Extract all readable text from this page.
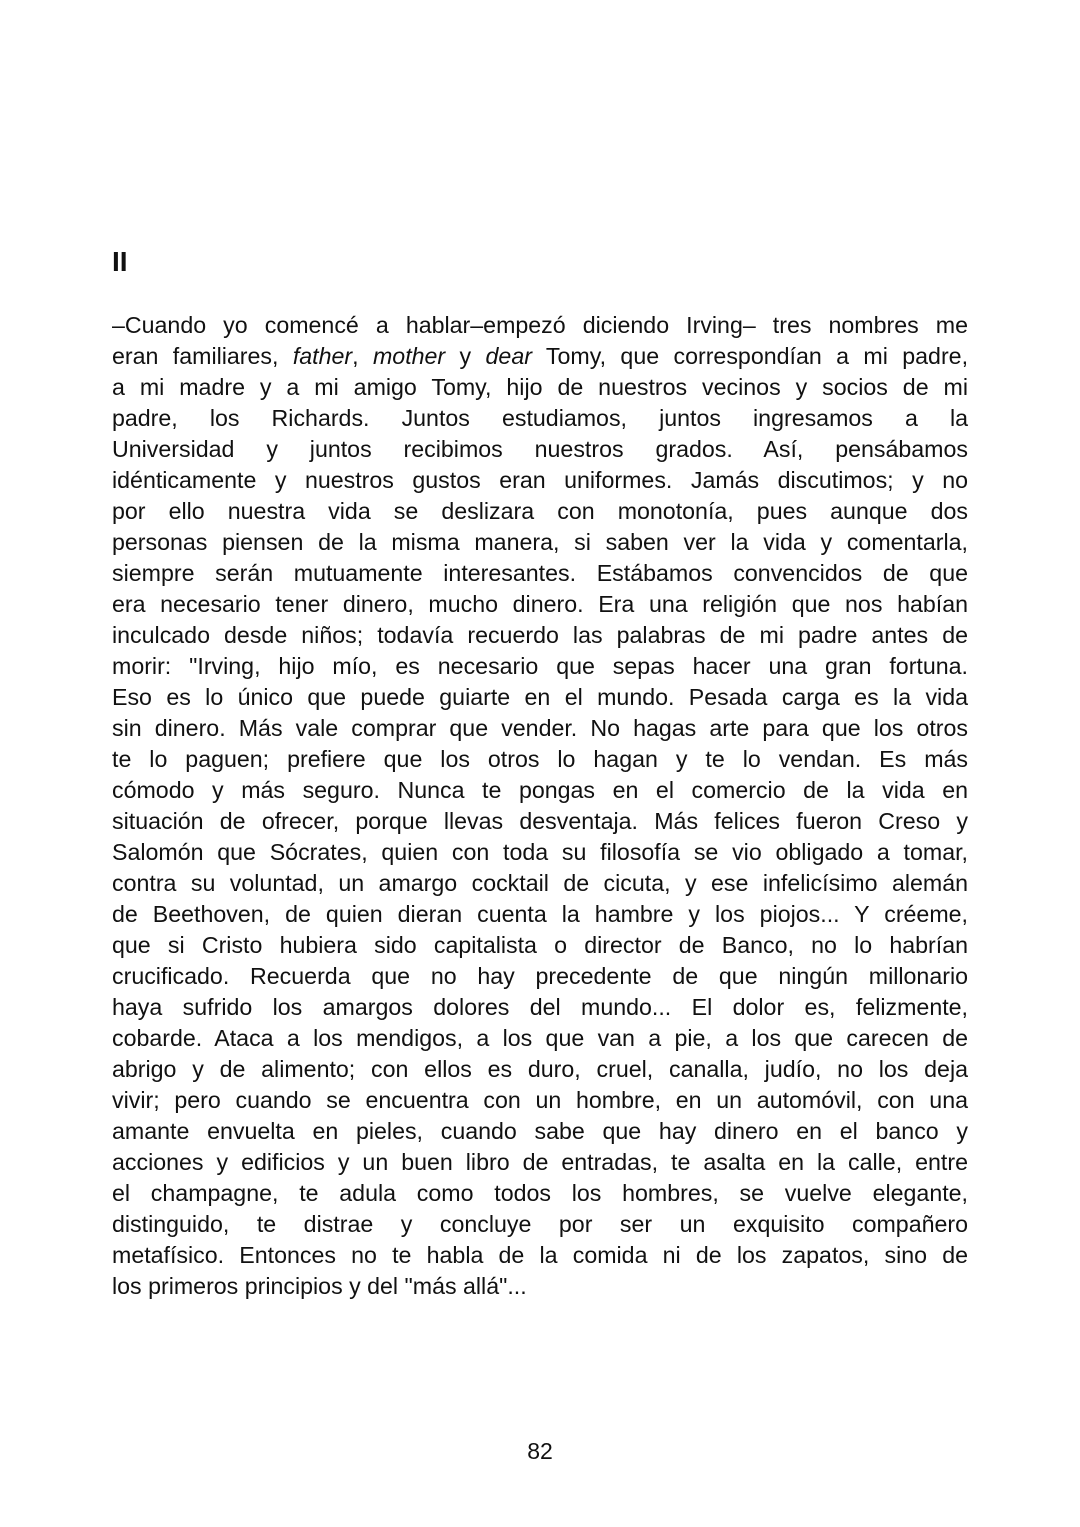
II
–Cuando yo comencé a hablar–empezó diciendo Irving– tres nombres me
eran familiares, father, mother y dear Tomy, que correspondían a mi padre,
a mi madre y a mi amigo Tomy, hijo de nuestros vecinos y socios de mi
padre, los Richards. Juntos estudiamos, juntos ingresamos a la
Universidad y juntos recibimos nuestros grados. Así, pensábamos
idénticamente y nuestros gustos eran uniformes. Jamás discutimos; y no
por ello nuestra vida se deslizara con monotonía, pues aunque dos
personas piensen de la misma manera, si saben ver la vida y comentarla,
siempre serán mutuamente interesantes. Estábamos convencidos de que
era necesario tener dinero, mucho dinero. Era una religión que nos habían
inculcado desde niños; todavía recuerdo las palabras de mi padre antes de
morir: "Irving, hijo mío, es necesario que sepas hacer una gran fortuna.
Eso es lo único que puede guiarte en el mundo. Pesada carga es la vida
sin dinero. Más vale comprar que vender. No hagas arte para que los otros
te lo paguen; prefiere que los otros lo hagan y te lo vendan. Es más
cómodo y más seguro. Nunca te pongas en el comercio de la vida en
situación de ofrecer, porque llevas desventaja. Más felices fueron Creso y
Salomón que Sócrates, quien con toda su filosofía se vio obligado a tomar,
contra su voluntad, un amargo cocktail de cicuta, y ese infelicísimo alemán
de Beethoven, de quien dieran cuenta la hambre y los piojos... Y créeme,
que si Cristo hubiera sido capitalista o director de Banco, no lo habrían
crucificado. Recuerda que no hay precedente de que ningún millonario
haya sufrido los amargos dolores del mundo... El dolor es, felizmente,
cobarde. Ataca a los mendigos, a los que van a pie, a los que carecen de
abrigo y de alimento; con ellos es duro, cruel, canalla, judío, no los deja
vivir; pero cuando se encuentra con un hombre, en un automóvil, con una
amante envuelta en pieles, cuando sabe que hay dinero en el banco y
acciones y edificios y un buen libro de entradas, te asalta en la calle, entre
el champagne, te adula como todos los hombres, se vuelve elegante,
distinguido, te distrae y concluye por ser un exquisito compañero
metafísico. Entonces no te habla de la comida ni de los zapatos, sino de
los primeros principios y del "más allá"...
82
